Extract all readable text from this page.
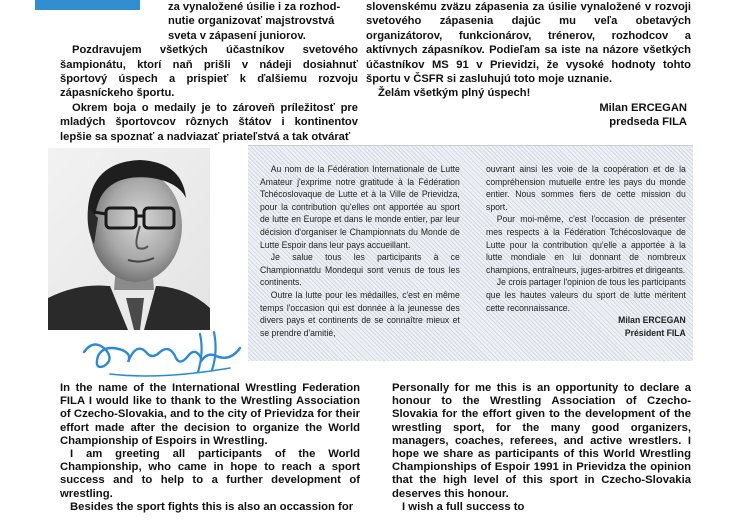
za vynaložené úsilie i za rozhod-
nutie organizovať majstrovstvá
sveta v zápasení juniorov.

Pozdravujem všetkých účastníkov svetového šampionátu, ktorí naň prišli v nádeji dosiahnuť športový úspech a prispieť k ďalšiemu rozvoju zápasníckeho športu.

Okrem boja o medaily je to zároveň príležitosť pre mladých športovcov rôznych štátov i kontinentov lepšie sa spoznať a nadviazať priateľstvá a tak otvárať

slovenskému zväzu zápasenia za úsilie vynaložené v rozvoji svetového zápasenia dajúc mu veľa obetavých organizátorov, funkcionárov, trénerov, rozhodcov a aktívnych zápasníkov. Podieľam sa iste na názore všetkých účastníkov MS 91 v Prievidzi, že vysoké hodnoty tohto športu v ČSFR si zasluhujú toto moje uznanie.

Želám všetkým plný úspech!

Milan ERCEGAN
predseda FILA

Au nom de la Fédération Internationale de Lutte Amateur j'exprime notre gratitude à la Fédération Tchécoslovaque de Lutte et à la Ville de Prievidza, pour la contribution qu'elles ont apportée au sport de lutte en Europe et dans le monde entier, par leur décision d'organiser le Championnats du Monde de Lutte Espoir dans leur pays accueillant.

Je salue tous les participants à ce Championnatdu Mondequi sont venus de tous les continents.

Outre la lutte pour les médailles, c'est en même temps l'occasion qui est donnée à la jeunesse des divers pays et continents de se connaître mieux et se prendre d'amitié,

ouvrant ainsi les voie de la coopération et de la compréhension mutuelle entre les pays du monde entier. Nous sommes fiers de cette mission du sport.

Pour moi-même, c'est l'occasion de présenter mes respects à la Fédération Tchécoslovaque de Lutte pour la contribution qu'elle a apportée à la lutte mondiale en lui donnant de nombreux champions, entraîneurs, juges-arbitres et dirigeants.

Je crois partager l'opinion de tous les participants que les hautes valeurs du sport de lutte méritent cette reconnaissance.

Milan ERCEGAN

Président FILA

In the name of the International Wrestling Federation FILA I would like to thank to the Wrestling Association of Czecho-Slovakia, and to the city of Prievidza for their effort made after the decision to organize the World Championship of Espoirs in Wrestling.

I am greeting all participants of the World Championship, who came in hope to reach a sport success and to help to a further development of wrestling.

Besides the sport fights this is also an occassion for

Personally for me this is an opportunity to declare a honour to the Wrestling Association of Czecho-Slovakia for the effort given to the development of the wrestling sport, for the many good organizers, managers, coaches, referees, and active wrestlers. I hope we share as participants of this World Wrestling Championships of Espoir 1991 in Prievidza the opinion that the high level of this sport in Czecho-Slovakia deserves this honour.

I wish a full success to
